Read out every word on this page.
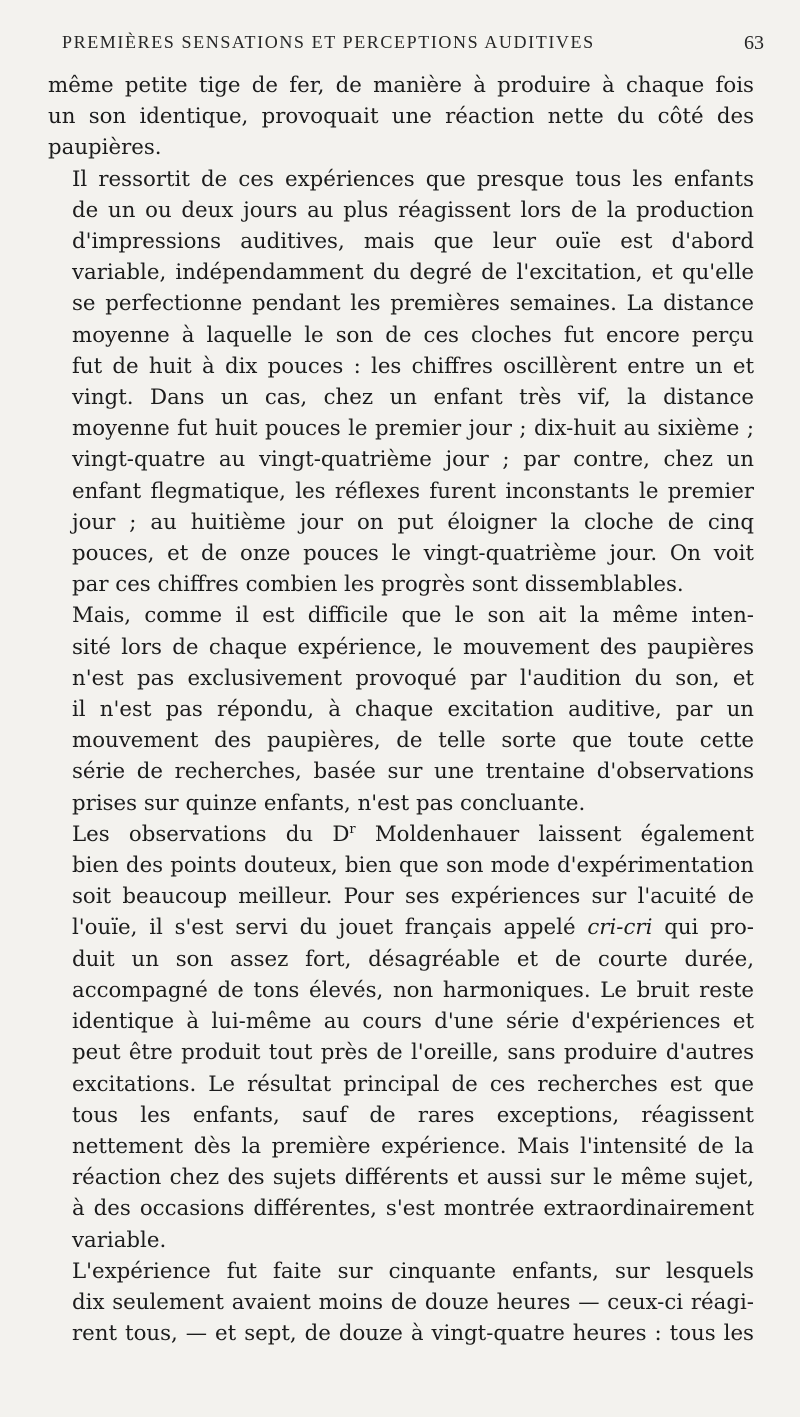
PREMIÈRES SENSATIONS ET PERCEPTIONS AUDITIVES	63

même petite tige de fer, de manière à produire à chaque fois
un son identique, provoquait une réaction nette du côté des
paupières.

Il ressortit de ces expériences que presque tous les enfants
de un ou deux jours au plus réagissent lors de la production
d'impressions auditives, mais que leur ouïe est d'abord
variable, indépendamment du degré de l'excitation, et qu'elle
se perfectionne pendant les premières semaines. La distance
moyenne à laquelle le son de ces cloches fut encore perçu
fut de huit à dix pouces : les chiffres oscillèrent entre un et
vingt. Dans un cas, chez un enfant très vif, la distance
moyenne fut huit pouces le premier jour ; dix-huit au sixième ;
vingt-quatre au vingt-quatrième jour ; par contre, chez un
enfant flegmatique, les réflexes furent inconstants le premier
jour ; au huitième jour on put éloigner la cloche de cinq
pouces, et de onze pouces le vingt-quatrième jour. On voit
par ces chiffres combien les progrès sont dissemblables.

Mais, comme il est difficile que le son ait la même inten-
sité lors de chaque expérience, le mouvement des paupières
n'est pas exclusivement provoqué par l'audition du son, et
il n'est pas répondu, à chaque excitation auditive, par un
mouvement des paupières, de telle sorte que toute cette
série de recherches, basée sur une trentaine d'observations
prises sur quinze enfants, n'est pas concluante.

Les observations du $D^r$ Moldenhauer laissent également
bien des points douteux, bien que son mode d'expérimentation
soit beaucoup meilleur. Pour ses expériences sur l'acuité de
l'ouïe, il s'est servi du jouet français appelé cri-cri qui pro-
duit un son assez fort, désagréable et de courte durée,
accompagné de tons élevés, non harmoniques. Le bruit reste
identique à lui-même au cours d'une série d'expériences et
peut être produit tout près de l'oreille, sans produire d'autres
excitations. Le résultat principal de ces recherches est que
tous les enfants, sauf de rares exceptions, réagissent
nettement dès la première expérience. Mais l'intensité de la
réaction chez des sujets différents et aussi sur le même sujet,
à des occasions différentes, s'est montrée extraordinairement
variable.

L'expérience fut faite sur cinquante enfants, sur lesquels
dix seulement avaient moins de douze heures — ceux-ci réagi-
rent tous, — et sept, de douze à vingt-quatre heures : tous les
